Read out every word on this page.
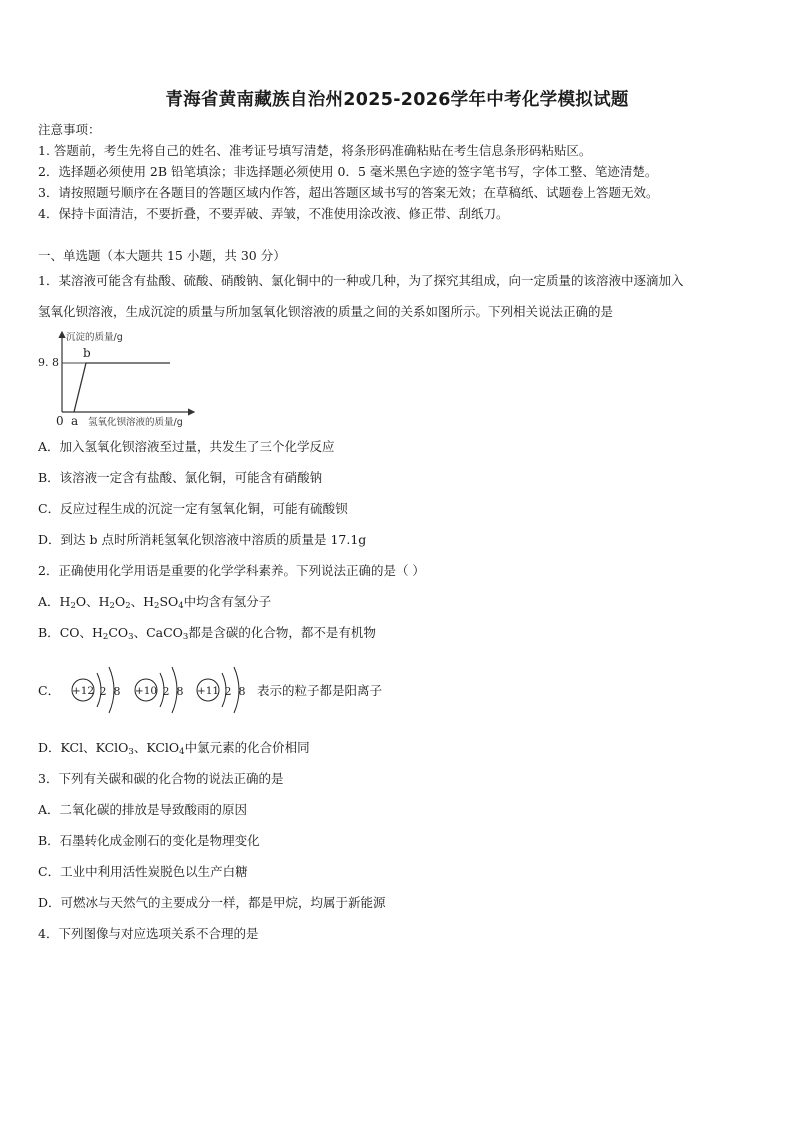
青海省黄南藏族自治州2025-2026学年中考化学模拟试题
注意事项：
1. 答题前，考生先将自己的姓名、准考证号填写清楚，将条形码准确粘贴在考生信息条形码粘贴区。
2．选择题必须使用 2B 铅笔填涂；非选择题必须使用 0．5 毫米黑色字迹的签字笔书写，字体工整、笔迹清楚。
3．请按照题号顺序在各题目的答题区域内作答，超出答题区域书写的答案无效；在草稿纸、试题卷上答题无效。
4．保持卡面清洁，不要折叠，不要弄破、弄皱，不准使用涂改液、修正带、刮纸刀。
一、单选题（本大题共 15 小题，共 30 分）
1．某溶液可能含有盐酸、硫酸、硝酸钠、氯化铜中的一种或几种，为了探究其组成，向一定质量的该溶液中逐滴加入
氢氧化钡溶液，生成沉淀的质量与所加氢氧化钡溶液的质量之间的关系如图所示。下列相关说法正确的是
沉淀的质量/g
9. 8
b
0 a 氢氧化钡溶液的质量/g
A．加入氢氧化钡溶液至过量，共发生了三个化学反应
B．该溶液一定含有盐酸、氯化铜，可能含有硝酸钠
C．反应过程生成的沉淀一定有氢氧化铜，可能有硫酸钡
D．到达 b 点时所消耗氢氧化钡溶液中溶质的质量是 17.1g
2．正确使用化学用语是重要的化学学科素养。下列说法正确的是（ ）
A．$H_2O$、$H_2O_2$、$H_2SO_4$中均含有氢分子
B．CO、$H_2CO_3$、CaCO$_3$都是含碳的化合物，都不是有机物
C． +12 2 8 +10 2 8 +11 2 8 表示的粒子都是阳离子
D．KCl、KClO$_3$、KClO$_4$中氯元素的化合价相同
3．下列有关碳和碳的化合物的说法正确的是
A．二氧化碳的排放是导致酸雨的原因
B．石墨转化成金刚石的变化是物理变化
C．工业中利用活性炭脱色以生产白糖
D．可燃冰与天然气的主要成分一样，都是甲烷，均属于新能源
4．下列图像与对应选项关系不合理的是
